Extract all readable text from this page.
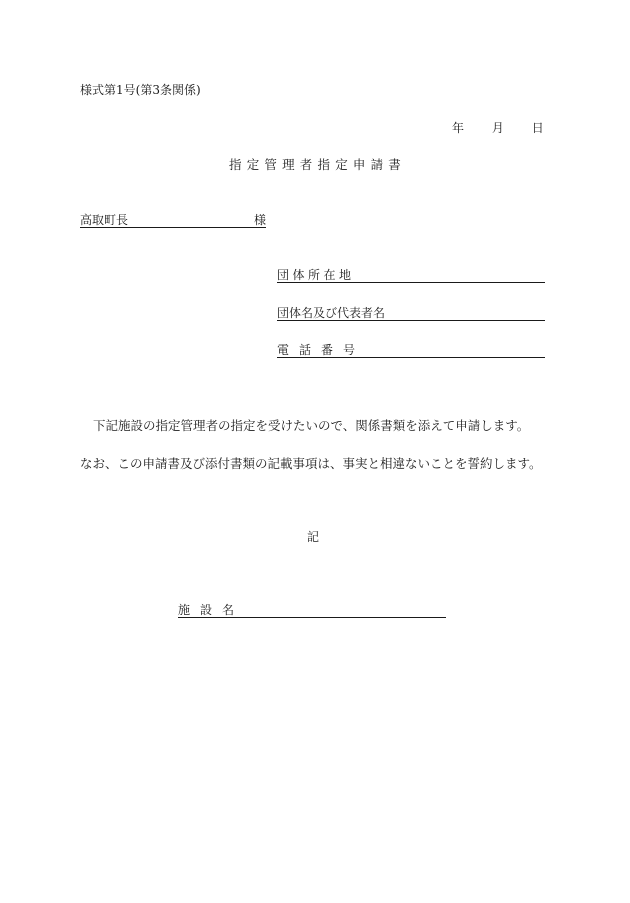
様式第1号(第3条関係)
年 月 日
指定管理者指定申請書
高取町長	様
団体所在地
団体名及び代表者名
電話番号
下記施設の指定管理者の指定を受けたいので、関係書類を添えて申請します。
なお、この申請書及び添付書類の記載事項は、事実と相違ないことを誓約します。
記
施設名
